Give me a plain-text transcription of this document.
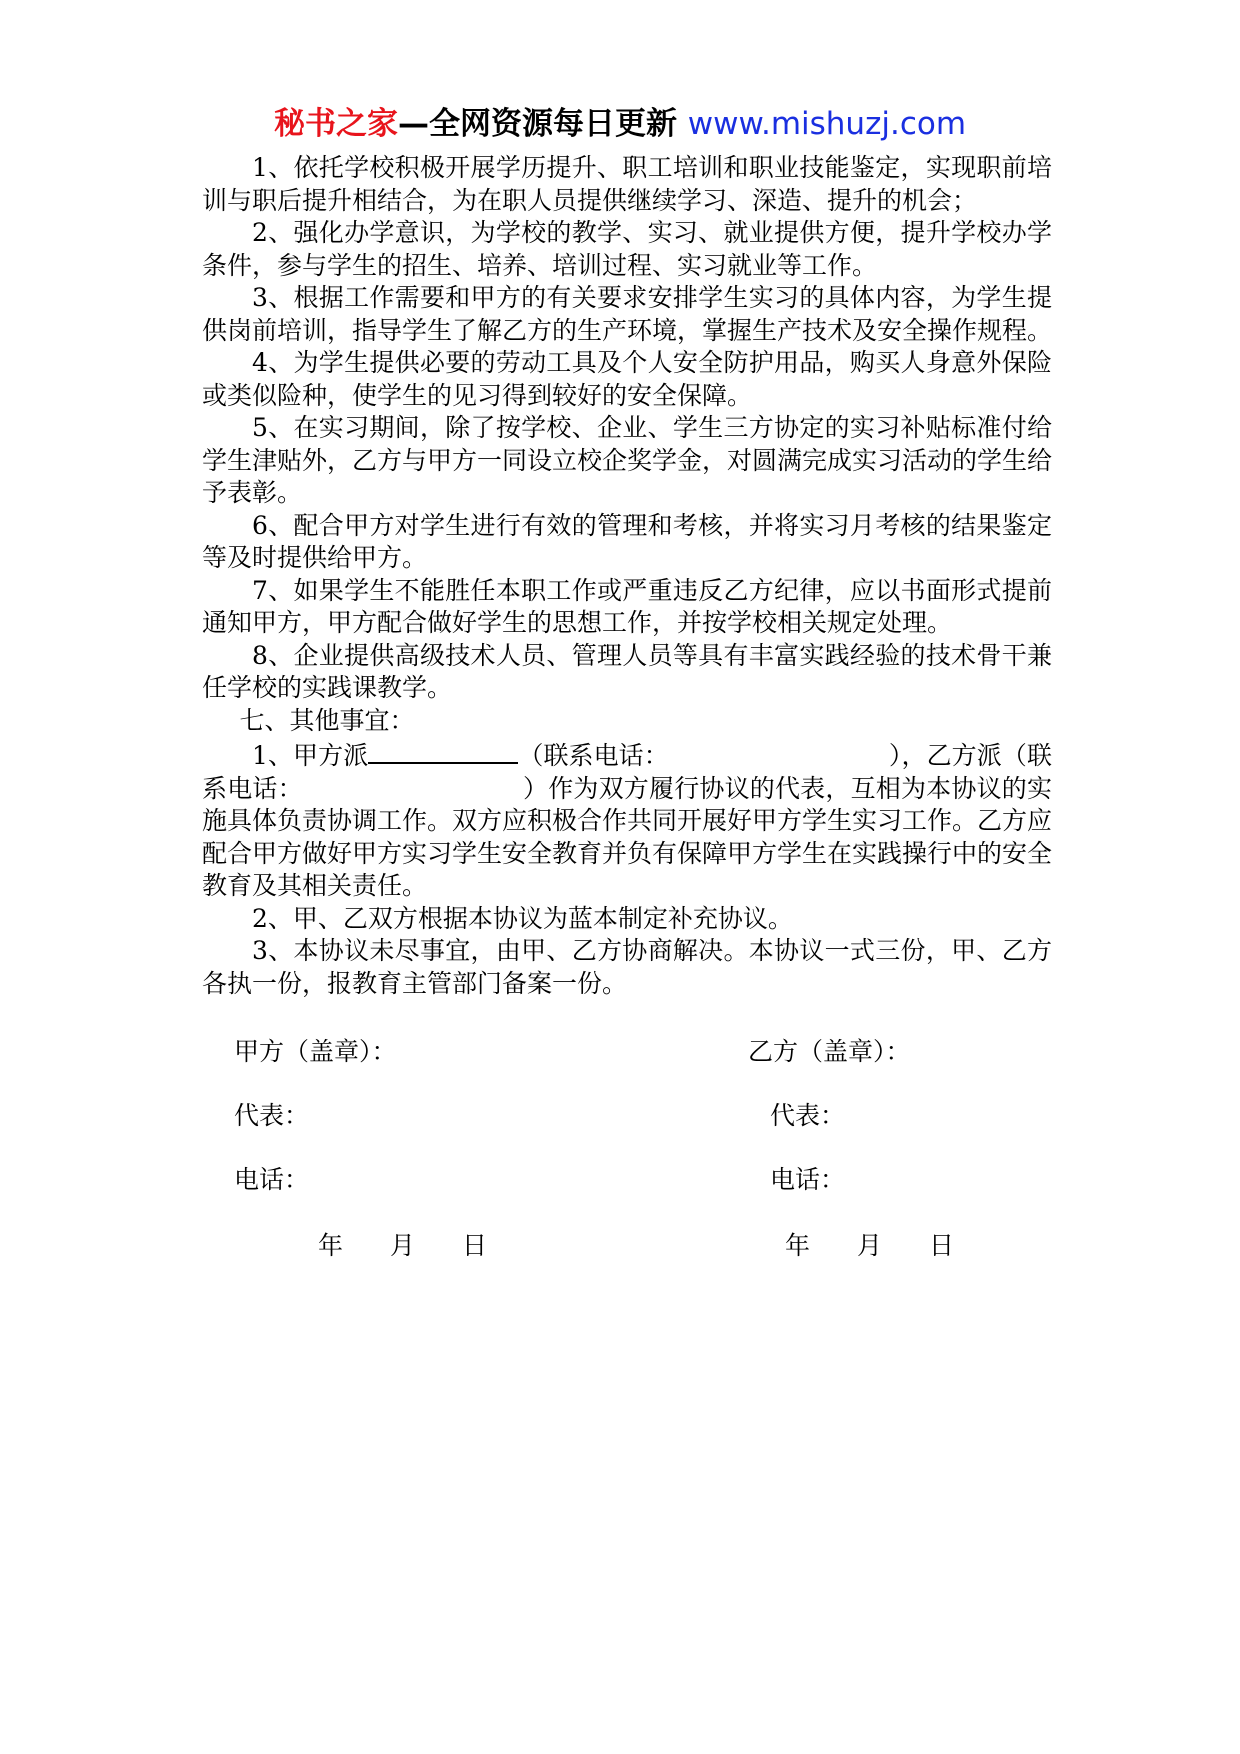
秘书之家—全网资源每日更新 www.mishuzj.com

1、依托学校积极开展学历提升、职工培训和职业技能鉴定，实现职前培训与职后提升相结合，为在职人员提供继续学习、深造、提升的机会；

2、强化办学意识，为学校的教学、实习、就业提供方便，提升学校办学条件，参与学生的招生、培养、培训过程、实习就业等工作。

3、根据工作需要和甲方的有关要求安排学生实习的具体内容，为学生提供岗前培训，指导学生了解乙方的生产环境，掌握生产技术及安全操作规程。

4、为学生提供必要的劳动工具及个人安全防护用品，购买人身意外保险或类似险种，使学生的见习得到较好的安全保障。

5、在实习期间，除了按学校、企业、学生三方协定的实习补贴标准付给学生津贴外，乙方与甲方一同设立校企奖学金，对圆满完成实习活动的学生给予表彰。

6、配合甲方对学生进行有效的管理和考核，并将实习月考核的结果鉴定等及时提供给甲方。

7、如果学生不能胜任本职工作或严重违反乙方纪律，应以书面形式提前通知甲方，甲方配合做好学生的思想工作，并按学校相关规定处理。

8、企业提供高级技术人员、管理人员等具有丰富实践经验的技术骨干兼任学校的实践课教学。

七、其他事宜：

1、甲方派	（联系电话：	），乙方派（联系电话：	）作为双方履行协议的代表，互相为本协议的实施具体负责协调工作。双方应积极合作共同开展好甲方学生实习工作。乙方应配合甲方做好甲方实习学生安全教育并负有保障甲方学生在实践操行中的安全教育及其相关责任。

2、甲、乙双方根据本协议为蓝本制定补充协议。

3、本协议未尽事宜，由甲、乙方协商解决。本协议一式三份，甲、乙方各执一份，报教育主管部门备案一份。

甲方（盖章）：	乙方（盖章）：
代表：	代表：
电话：	电话：
年 月 日	年 月 日
